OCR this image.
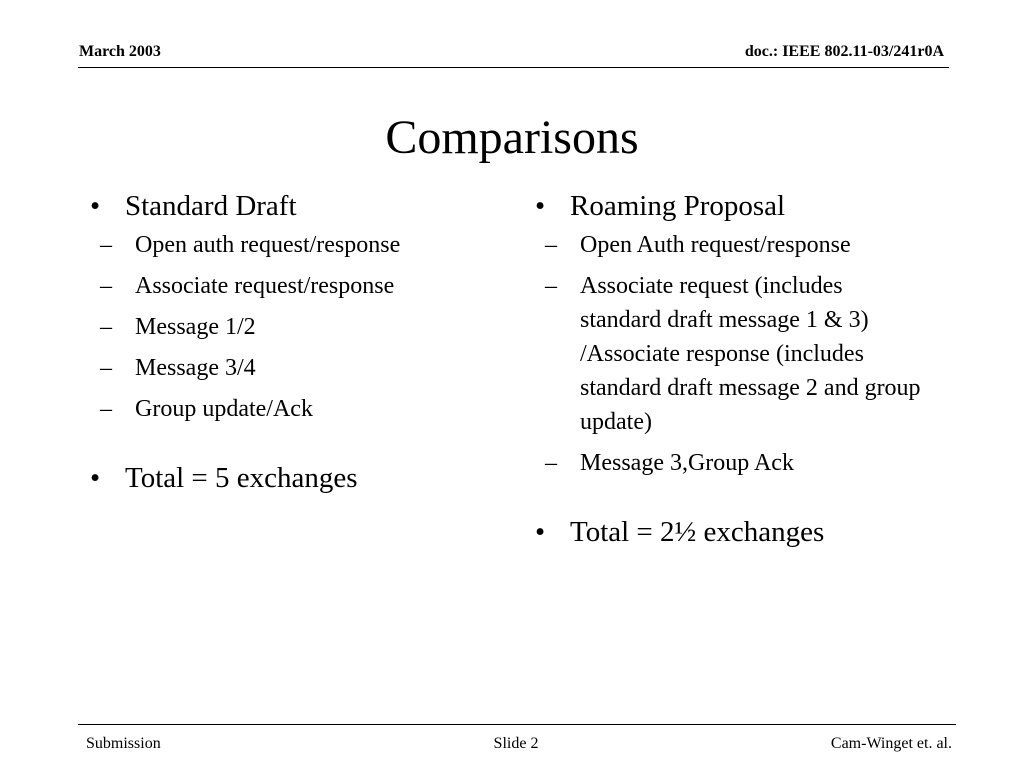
March 2003	doc.: IEEE 802.11-03/241r0A
Comparisons
• Standard Draft
– Open auth request/response
– Associate request/response
– Message 1/2
– Message 3/4
– Group update/Ack
• Total = 5 exchanges
• Roaming Proposal
– Open Auth request/response
– Associate request (includes standard draft message 1 & 3) /Associate response (includes standard draft message 2 and group update)
– Message 3,Group Ack
• Total = 2½ exchanges
Submission	Slide 2	Cam-Winget et. al.
